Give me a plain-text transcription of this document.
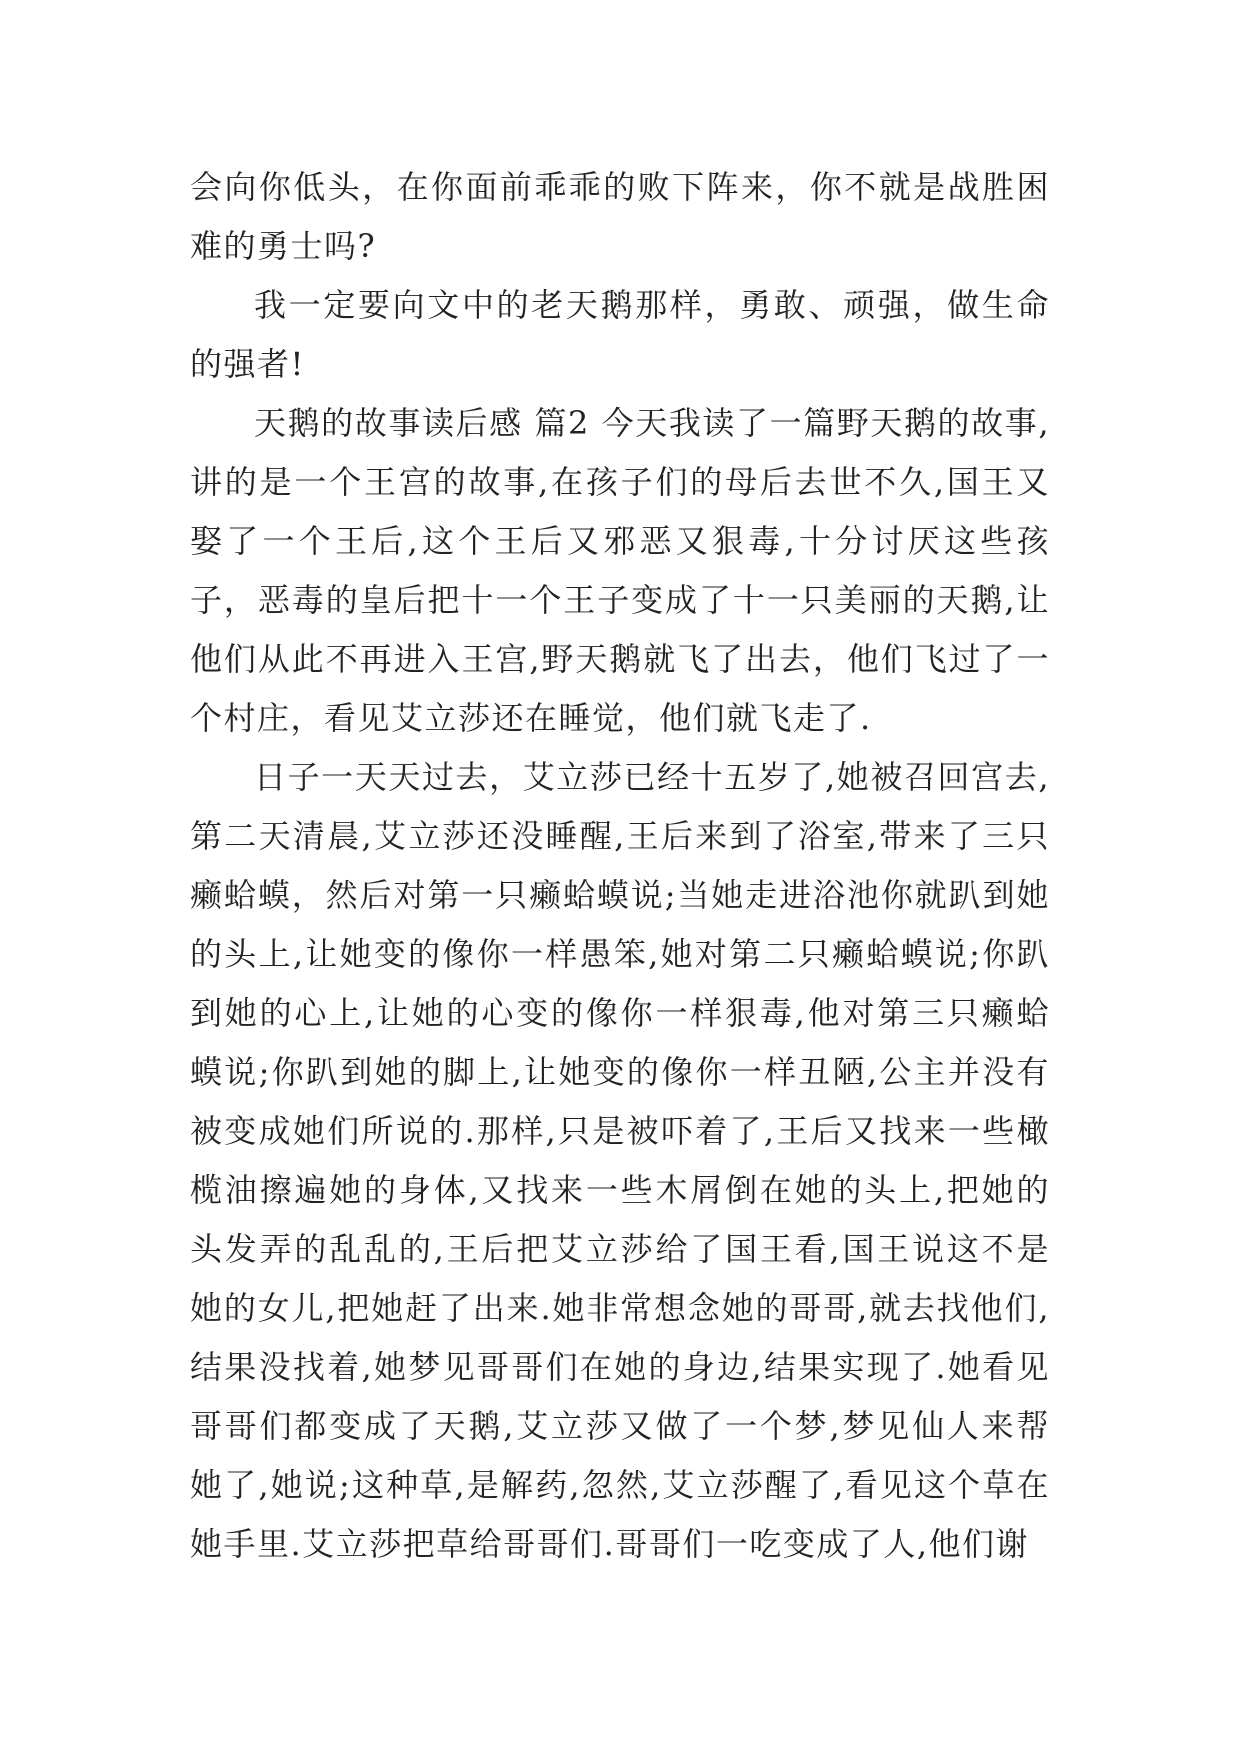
会向你低头，在你面前乖乖的败下阵来，你不就是战胜困难的勇士吗?

我一定要向文中的老天鹅那样，勇敢、顽强，做生命的强者!

天鹅的故事读后感 篇2 今天我读了一篇野天鹅的故事,讲的是一个王宫的故事,在孩子们的母后去世不久,国王又娶了一个王后,这个王后又邪恶又狠毒,十分讨厌这些孩子，恶毒的皇后把十一个王子变成了十一只美丽的天鹅,让他们从此不再进入王宫,野天鹅就飞了出去，他们飞过了一个村庄，看见艾立莎还在睡觉，他们就飞走了.

日子一天天过去，艾立莎已经十五岁了,她被召回宫去,第二天清晨,艾立莎还没睡醒,王后来到了浴室,带来了三只癞蛤蟆，然后对第一只癞蛤蟆说;当她走进浴池你就趴到她的头上,让她变的像你一样愚笨,她对第二只癞蛤蟆说;你趴到她的心上,让她的心变的像你一样狠毒,他对第三只癞蛤蟆说;你趴到她的脚上,让她变的像你一样丑陋,公主并没有被变成她们所说的.那样,只是被吓着了,王后又找来一些橄榄油擦遍她的身体,又找来一些木屑倒在她的头上,把她的头发弄的乱乱的,王后把艾立莎给了国王看,国王说这不是她的女儿,把她赶了出来.她非常想念她的哥哥,就去找他们,结果没找着,她梦见哥哥们在她的身边,结果实现了.她看见哥哥们都变成了天鹅,艾立莎又做了一个梦,梦见仙人来帮她了,她说;这种草,是解药,忽然,艾立莎醒了,看见这个草在她手里.艾立莎把草给哥哥们.哥哥们一吃变成了人,他们谢
